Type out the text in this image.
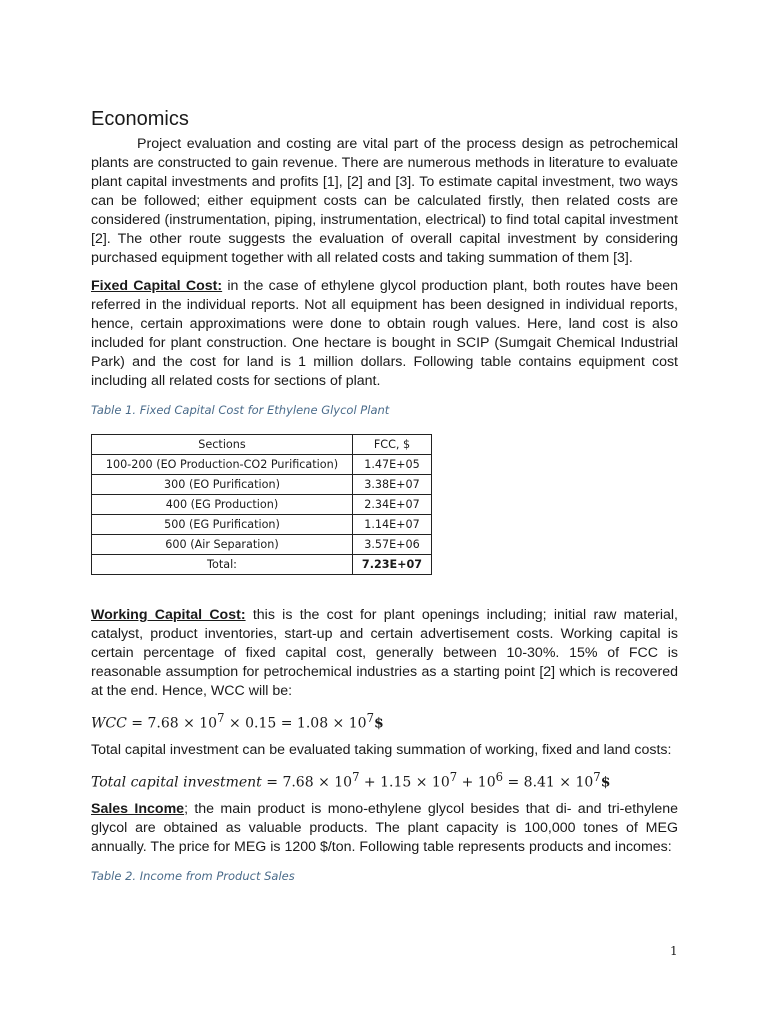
Economics

Project evaluation and costing are vital part of the process design as petrochemical plants are constructed to gain revenue. There are numerous methods in literature to evaluate plant capital investments and profits [1], [2] and [3]. To estimate capital investment, two ways can be followed; either equipment costs can be calculated firstly, then related costs are considered (instrumentation, piping, instrumentation, electrical) to find total capital investment [2]. The other route suggests the evaluation of overall capital investment by considering purchased equipment together with all related costs and taking summation of them [3].

Fixed Capital Cost: in the case of ethylene glycol production plant, both routes have been referred in the individual reports. Not all equipment has been designed in individual reports, hence, certain approximations were done to obtain rough values. Here, land cost is also included for plant construction. One hectare is bought in SCIP (Sumgait Chemical Industrial Park) and the cost for land is 1 million dollars. Following table contains equipment cost including all related costs for sections of plant.

Table 1. Fixed Capital Cost for Ethylene Glycol Plant

Sections	FCC, $
100-200 (EO Production-CO2 Purification)	1.47E+05
300 (EO Purification)	3.38E+07
400 (EG Production)	2.34E+07
500 (EG Purification)	1.14E+07
600 (Air Separation)	3.57E+06
Total:	7.23E+07

Working Capital Cost: this is the cost for plant openings including; initial raw material, catalyst, product inventories, start-up and certain advertisement costs. Working capital is certain percentage of fixed capital cost, generally between 10-30%. 15% of FCC is reasonable assumption for petrochemical industries as a starting point [2] which is recovered at the end. Hence, WCC will be:

WCC = $7.68 \times 10^7 \times 0.15 = 1.08$ × $10^7\$$

Total capital investment can be evaluated taking summation of working, fixed and land costs:

Total capital investment = $7.68 \times 10^7 + 1.15 \times 10^7 + 10^6 = 8.41$ × $10^7\$$

Sales Income; the main product is mono-ethylene glycol besides that di- and tri-ethylene glycol are obtained as valuable products. The plant capacity is 100,000 tones of MEG annually. The price for MEG is 1200 $/ton. Following table represents products and incomes:

Table 2. Income from Product Sales

1
